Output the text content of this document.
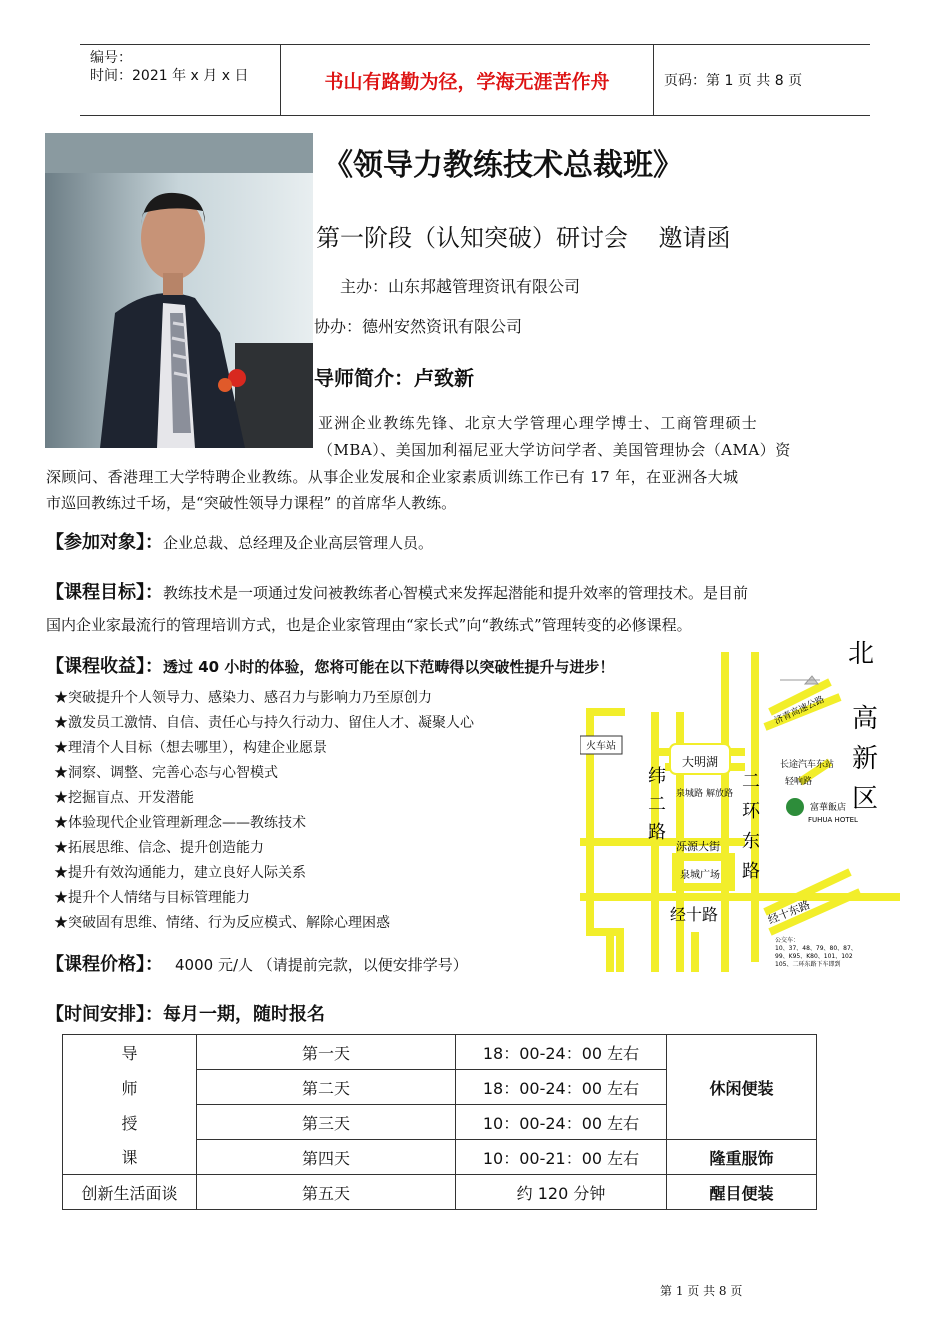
编号：
时间：2021 年 x 月 x 日	书山有路勤为径，学海无涯苦作舟	页码：第 1 页 共 8 页
《领导力教练技术总裁班》
第一阶段（认知突破）研讨会    邀请函
主办：山东邦越管理资讯有限公司
协办：德州安然资讯有限公司
导师简介：卢致新
亚洲企业教练先锋、北京大学管理心理学博士、工商管理硕士
（MBA）、美国加利福尼亚大学访问学者、美国管理协会（AMA）资
深顾问、香港理工大学特聘企业教练。从事企业发展和企业家素质训练工作已有 17 年，在亚洲各大城
市巡回教练过千场，是“突破性领导力课程” 的首席华人教练。
【参加对象】：企业总裁、总经理及企业高层管理人员。
【课程目标】：教练技术是一项通过发问被教练者心智模式来发挥起潜能和提升效率的管理技术。是目前
国内企业家最流行的管理培训方式，也是企业家管理由“家长式”向“教练式”管理转变的必修课程。
【课程收益】：透过 40 小时的体验，您将可能在以下范畴得以突破性提升与进步！
★突破提升个人领导力、感染力、感召力与影响力乃至原创力
★激发员工激情、自信、责任心与持久行动力、留住人才、凝聚人心
★理清个人目标（想去哪里），构建企业愿景
★洞察、调整、完善心态与心智模式
★挖掘盲点、开发潜能
★体验现代企业管理新理念——教练技术
★拓展思维、信念、提升创造能力
★提升有效沟通能力，建立良好人际关系
★提升个人情绪与目标管理能力
★突破固有思维、情绪、行为反应模式、解除心理困惑
大明湖
火车站
泉城路 解放路
泺源大街
泉城广场
经十路
纬二路
二环东路
济青高速公路
长途汽车东站
轻响路
富華飯店
FUHUA HOTEL
经十东路
北
高
新
区
公交车：
10、37、48、79、80、87、
99、K95、K80、101、102
105、二环东路下车即到
【课程价格】： 4000 元/人 （请提前完款，以便安排学号）
【时间安排】：每月一期，随时报名
导	第一天	18：00-24：00 左右	休闲便装
师	第二天	18：00-24：00 左右	
授	第三天	10：00-24：00 左右	
课	第四天	10：00-21：00 左右	隆重服饰
创新生活面谈	第五天	约 120 分钟	醒目便装
第 1 页 共 8 页
